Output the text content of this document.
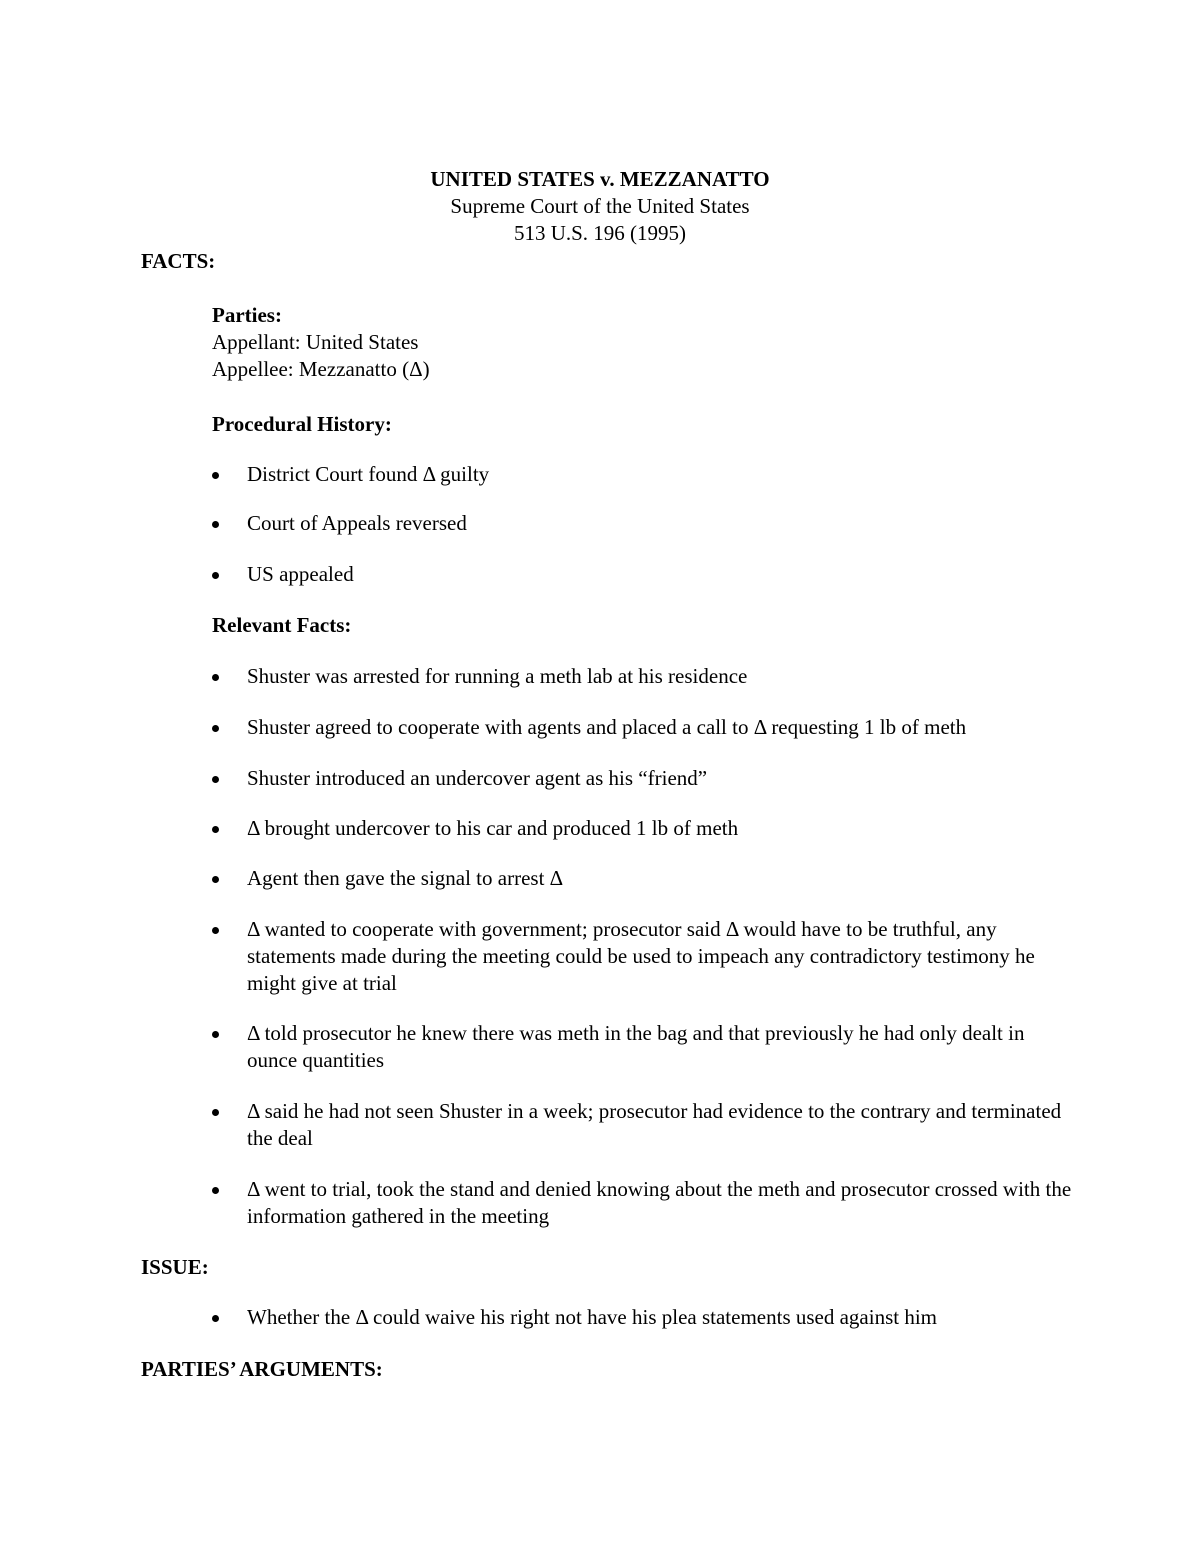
UNITED STATES v. MEZZANATTO
Supreme Court of the United States
513 U.S. 196 (1995)
FACTS:
Parties:
Appellant: United States
Appellee: Mezzanatto (Δ)
Procedural History:
District Court found Δ guilty
Court of Appeals reversed
US appealed
Relevant Facts:
Shuster was arrested for running a meth lab at his residence
Shuster agreed to cooperate with agents and placed a call to Δ requesting 1 lb of meth
Shuster introduced an undercover agent as his “friend”
Δ brought undercover to his car and produced 1 lb of meth
Agent then gave the signal to arrest Δ
Δ wanted to cooperate with government; prosecutor said Δ would have to be truthful, any statements made during the meeting could be used to impeach any contradictory testimony he might give at trial
Δ told prosecutor he knew there was meth in the bag and that previously he had only dealt in ounce quantities
Δ said he had not seen Shuster in a week; prosecutor had evidence to the contrary and terminated the deal
Δ went to trial, took the stand and denied knowing about the meth and prosecutor crossed with the information gathered in the meeting
ISSUE:
Whether the Δ could waive his right not have his plea statements used against him
PARTIES’ ARGUMENTS:
